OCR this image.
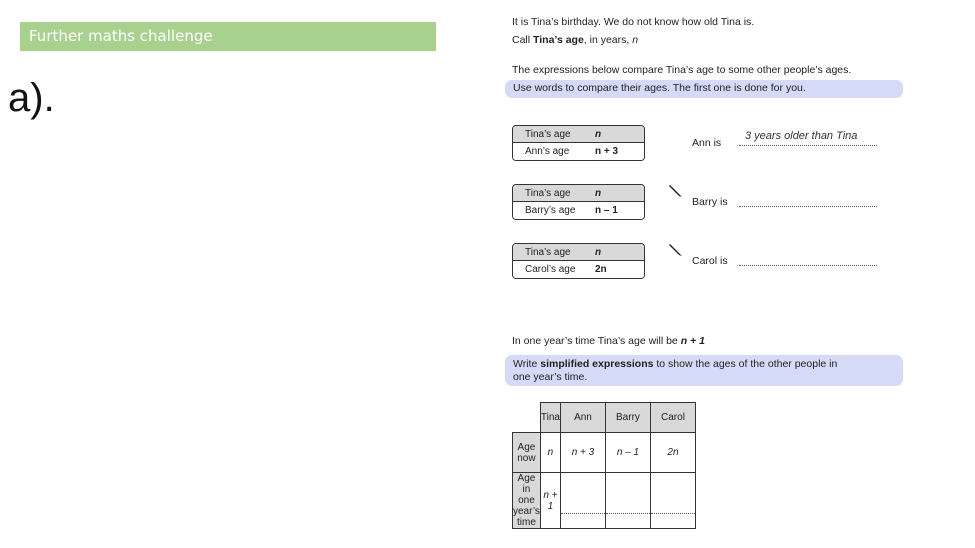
Further maths challenge
a).
It is Tina’s birthday. We do not know how old Tina is.
Call Tina’s age, in years, n
The expressions below compare Tina’s age to some other people’s ages.
Use words to compare their ages. The first one is done for you.
Tina’s age	n
Ann’s age	n + 3
Ann is
3 years older than Tina
Tina’s age	n
Barry’s age	n – 1
Barry is
Tina’s age	n
Carol’s age	2n
Carol is
In one year’s time Tina’s age will be n + 1
Write simplified expressions to show the ages of the other people in
one year’s time.
	Tina	Ann	Barry	Carol
Age now	n	n + 3	n – 1	2n

Age in one
year’s time	n + 1			
